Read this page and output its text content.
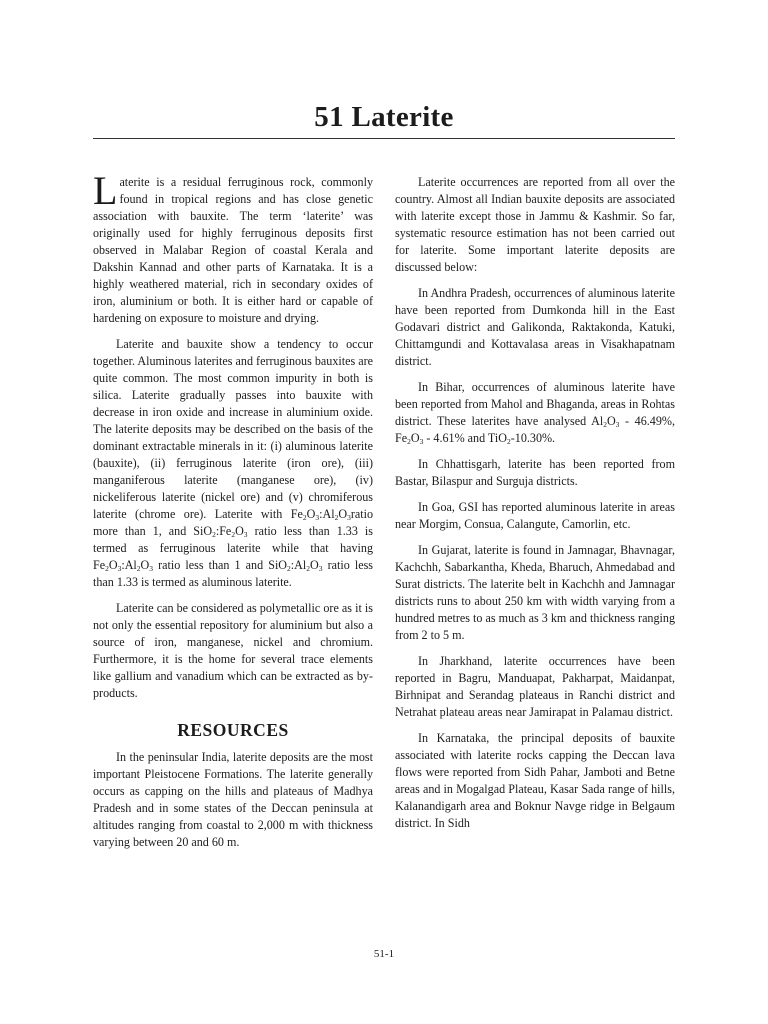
51 Laterite

Laterite is a residual ferruginous rock, commonly found in tropical regions and has close genetic association with bauxite. The term ‘laterite’ was originally used for highly ferruginous deposits first observed in Malabar Region of coastal Kerala and Dakshin Kannad and other parts of Karnataka. It is a highly weathered material, rich in secondary oxides of iron, aluminium or both. It is either hard or capable of hardening on exposure to moisture and drying.

Laterite and bauxite show a tendency to occur together. Aluminous laterites and ferruginous bauxites are quite common. The most common impurity in both is silica. Laterite gradually passes into bauxite with decrease in iron oxide and increase in aluminium oxide. The laterite deposits may be described on the basis of the dominant extractable minerals in it: (i) aluminous laterite (bauxite), (ii) ferruginous laterite (iron ore), (iii) manganiferous laterite (manganese ore), (iv) nickeliferous laterite (nickel ore) and (v) chromiferous laterite (chrome ore). Laterite with $Fe_2O_3:Al_2O_3ratio$ more than 1, and $SiO_2:Fe_2O_3$ ratio less than 1.33 is termed as ferruginous laterite while that having $Fe_2O_3:Al_2O_3$ ratio less than 1 and $SiO_2:Al_2O_3$ ratio less than 1.33 is termed as aluminous laterite.

Laterite can be considered as polymetallic ore as it is not only the essential repository for aluminium but also a source of iron, manganese, nickel and chromium. Furthermore, it is the home for several trace elements like gallium and vanadium which can be extracted as by-products.

RESOURCES

In the peninsular India, laterite deposits are the most important Pleistocene Formations. The laterite generally occurs as capping on the hills and plateaus of Madhya Pradesh and in some states of the Deccan peninsula at altitudes ranging from coastal to 2,000 m with thickness varying between 20 and 60 m.

Laterite occurrences are reported from all over the country. Almost all Indian bauxite deposits are associated with laterite except those in Jammu & Kashmir. So far, systematic resource estimation has not been carried out for laterite. Some important laterite deposits are discussed below:

In Andhra Pradesh, occurrences of aluminous laterite have been reported from Dumkonda hill in the East Godavari district and Galikonda, Raktakonda, Katuki, Chittamgundi and Kottavalasa areas in Visakhapatnam district.

In Bihar, occurrences of aluminous laterite have been reported from Mahol and Bhaganda, areas in Rohtas district. These laterites have analysed $Al_2O_3 - 46.49\%$, $Fe_2O_3 - 4.61\%$ and TiO$_2$-10.30%.

In Chhattisgarh, laterite has been reported from Bastar, Bilaspur and Surguja districts.

In Goa, GSI has reported aluminous laterite in areas near Morgim, Consua, Calangute, Camorlin, etc.

In Gujarat, laterite is found in Jamnagar, Bhavnagar, Kachchh, Sabarkantha, Kheda, Bharuch, Ahmedabad and Surat districts. The laterite belt in Kachchh and Jamnagar districts runs to about 250 km with width varying from a hundred metres to as much as 3 km and thickness ranging from 2 to 5 m.

In Jharkhand, laterite occurrences have been reported in Bagru, Manduapat, Pakharpat, Maidanpat, Birhnipat and Serandag plateaus in Ranchi district and Netrahat plateau areas near Jamirapat in Palamau district.

In Karnataka, the principal deposits of bauxite associated with laterite rocks capping the Deccan lava flows were reported from Sidh Pahar, Jamboti and Betne areas and in Mogalgad Plateau, Kasar Sada range of hills, Kalanandigarh area and Boknur Navge ridge in Belgaum district. In Sidh

51-1
